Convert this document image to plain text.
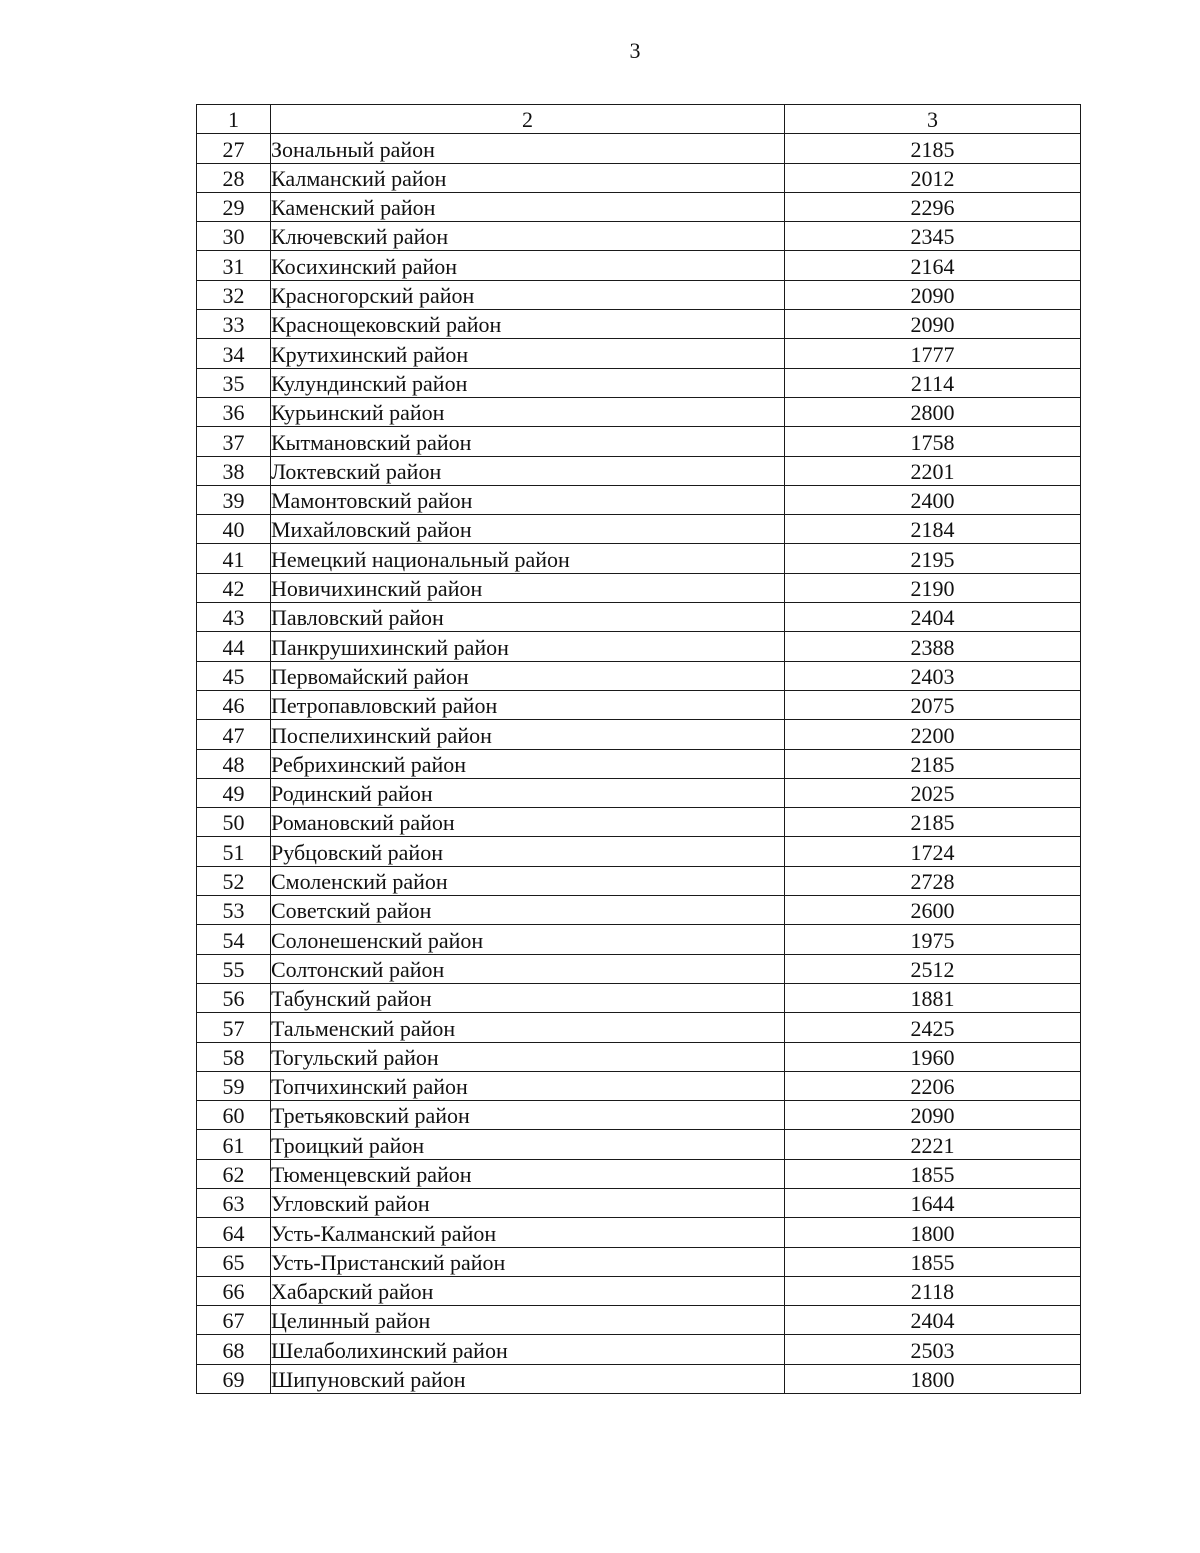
3
1	2	3
27	Зональный район	2185
28	Калманский район	2012
29	Каменский район	2296
30	Ключевский район	2345
31	Косихинский район	2164
32	Красногорский район	2090
33	Краснощековский район	2090
34	Крутихинский район	1777
35	Кулундинский район	2114
36	Курьинский район	2800
37	Кытмановский район	1758
38	Локтевский район	2201
39	Мамонтовский район	2400
40	Михайловский район	2184
41	Немецкий национальный район	2195
42	Новичихинский район	2190
43	Павловский район	2404
44	Панкрушихинский район	2388
45	Первомайский район	2403
46	Петропавловский район	2075
47	Поспелихинский район	2200
48	Ребрихинский район	2185
49	Родинский район	2025
50	Романовский район	2185
51	Рубцовский район	1724
52	Смоленский район	2728
53	Советский район	2600
54	Солонешенский район	1975
55	Солтонский район	2512
56	Табунский район	1881
57	Тальменский район	2425
58	Тогульский район	1960
59	Топчихинский район	2206
60	Третьяковский район	2090
61	Троицкий район	2221
62	Тюменцевский район	1855
63	Угловский район	1644
64	Усть-Калманский район	1800
65	Усть-Пристанский район	1855
66	Хабарский район	2118
67	Целинный район	2404
68	Шелаболихинский район	2503
69	Шипуновский район	1800
